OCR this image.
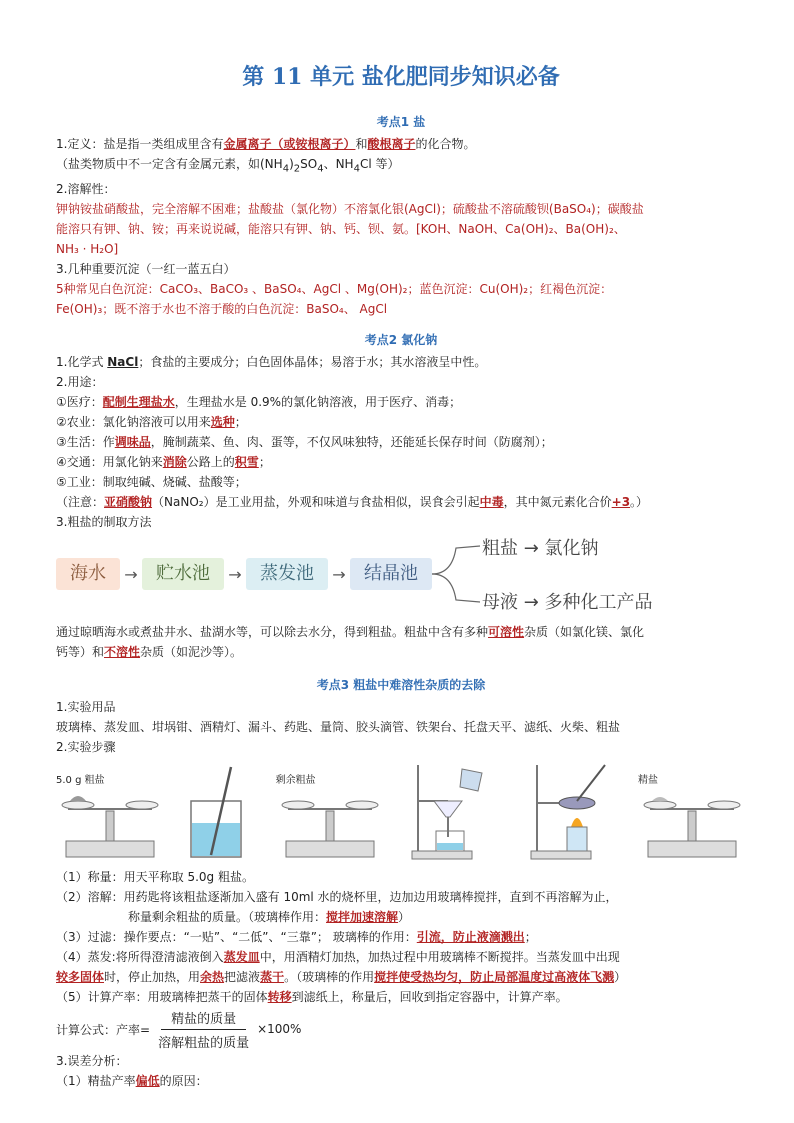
第 11 单元 盐化肥同步知识必备
考点1 盐
1.定义：盐是指一类组成里含有金属离子（或铵根离子）和酸根离子的化合物。
（盐类物质中不一定含有金属元素，如$(NH_4)_2SO_4$、$NH_4Cl$ 等）
2.溶解性：
钾钠铵盐硝酸盐，完全溶解不困难；盐酸盐（氯化物）不溶氯化银(AgCl)；硫酸盐不溶硫酸钡(BaSO₄)；碳酸盐
能溶只有钾、钠、铵；再来说说碱，能溶只有钾、钠、钙、钡、氨。[KOH、NaOH、Ca(OH)₂、Ba(OH)₂、
NH₃ · H₂O]
3.几种重要沉淀（一红一蓝五白）
5种常见白色沉淀：CaCO₃、BaCO₃ 、BaSO₄、AgCl 、Mg(OH)₂；蓝色沉淀：Cu(OH)₂；红褐色沉淀：
Fe(OH)₃；既不溶于水也不溶于酸的白色沉淀：BaSO₄、 AgCl
考点2 氯化钠
1.化学式 NaCl；食盐的主要成分；白色固体晶体；易溶于水；其水溶液呈中性。
2.用途：
①医疗：配制生理盐水，生理盐水是 0.9%的氯化钠溶液，用于医疗、消毒；
②农业：氯化钠溶液可以用来选种；
③生活：作调味品，腌制蔬菜、鱼、肉、蛋等，不仅风味独特，还能延长保存时间（防腐剂）；
④交通：用氯化钠来消除公路上的积雪；
⑤工业：制取纯碱、烧碱、盐酸等；
（注意：亚硝酸钠（NaNO₂）是工业用盐，外观和味道与食盐相似，误食会引起中毒，其中氮元素化合价+3。）
3.粗盐的制取方法
海水	→	贮水池	→	蒸发池	→	结晶池
粗盐 → 氯化钠
母液 → 多种化工产品
通过晾晒海水或煮盐井水、盐湖水等，可以除去水分，得到粗盐。粗盐中含有多种可溶性杂质（如氯化镁、氯化
钙等）和不溶性杂质（如泥沙等）。
考点3 粗盐中难溶性杂质的去除
1.实验用品
玻璃棒、蒸发皿、坩埚钳、酒精灯、漏斗、药匙、量筒、胶头滴管、铁架台、托盘天平、滤纸、火柴、粗盐
2.实验步骤
5.0 g 粗盐	剩余粗盐	精盐
（1）称量：用天平称取 5.0g 粗盐。
（2）溶解：用药匙将该粗盐逐渐加入盛有 10ml 水的烧杯里，边加边用玻璃棒搅拌，直到不再溶解为止，
称量剩余粗盐的质量。（玻璃棒作用：搅拌加速溶解）
（3）过滤：操作要点：“一贴”、“二低”、“三靠”； 玻璃棒的作用：引流，防止液滴溅出；
（4）蒸发:将所得澄清滤液倒入蒸发皿中，用酒精灯加热，加热过程中用玻璃棒不断搅拌。当蒸发皿中出现
较多固体时，停止加热，用余热把滤液蒸干。（玻璃棒的作用搅拌使受热均匀，防止局部温度过高液体飞溅）
（5）计算产率：用玻璃棒把蒸干的固体转移到滤纸上，称量后，回收到指定容器中，计算产率。
计算公式：产率= $\frac{\text{精盐的质量}}{\text{溶解粗盐的质量}} \times 100\%$
3.误差分析：
（1）精盐产率偏低的原因：
